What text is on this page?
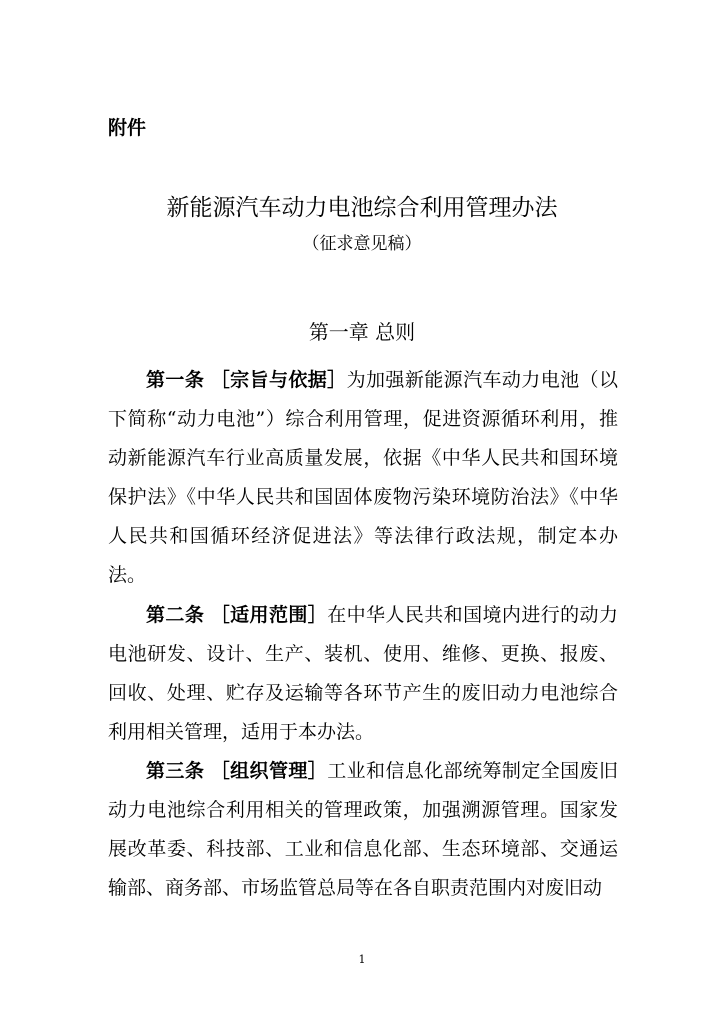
附件
新能源汽车动力电池综合利用管理办法
（征求意见稿）
第一章 总则

第一条 ［宗旨与依据］为加强新能源汽车动力电池（以下简称“动力电池”）综合利用管理，促进资源循环利用，推动新能源汽车行业高质量发展，依据《中华人民共和国环境保护法》《中华人民共和国固体废物污染环境防治法》《中华人民共和国循环经济促进法》等法律行政法规，制定本办法。

第二条 ［适用范围］在中华人民共和国境内进行的动力电池研发、设计、生产、装机、使用、维修、更换、报废、回收、处理、贮存及运输等各环节产生的废旧动力电池综合利用相关管理，适用于本办法。

第三条 ［组织管理］工业和信息化部统筹制定全国废旧动力电池综合利用相关的管理政策，加强溯源管理。国家发展改革委、科技部、工业和信息化部、生态环境部、交通运输部、商务部、市场监管总局等在各自职责范围内对废旧动

1
